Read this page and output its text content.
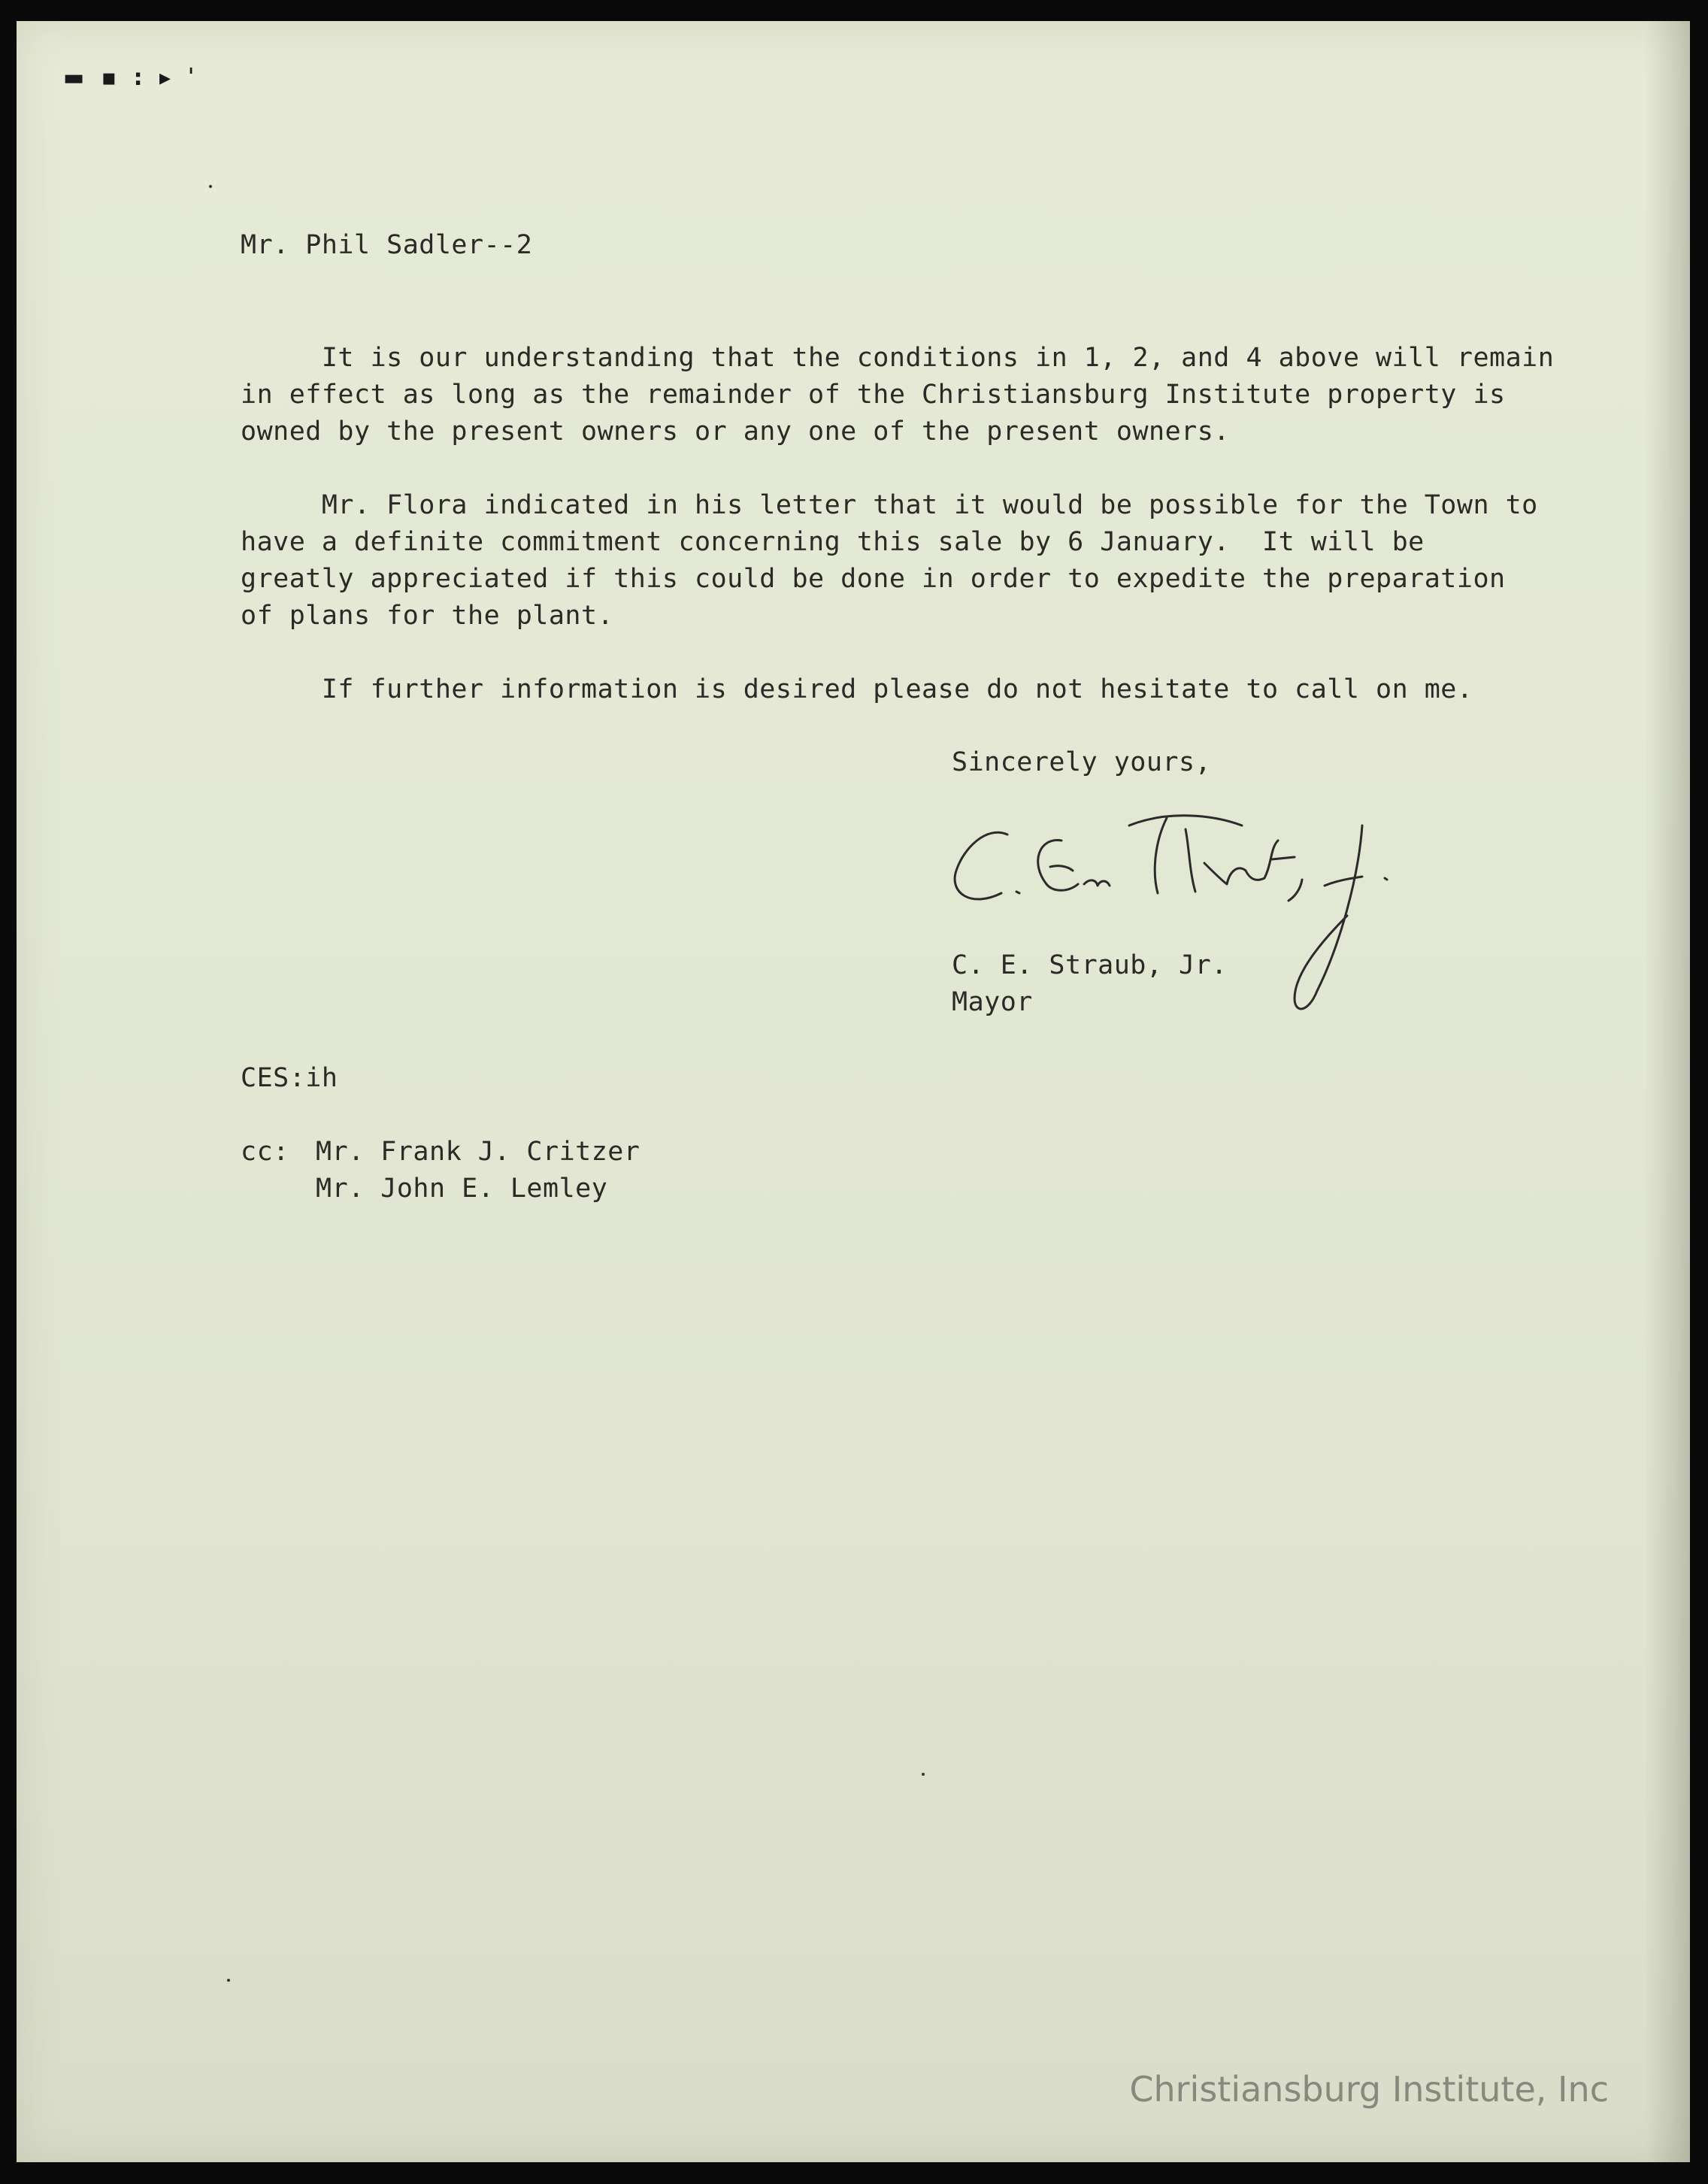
▬ ▪ : ▸ ˈ

Mr. Phil Sadler--2

It is our understanding that the conditions in 1, 2, and 4 above will remain

in effect as long as the remainder of the Christiansburg Institute property is

owned by the present owners or any one of the present owners.

Mr. Flora indicated in his letter that it would be possible for the Town to

have a definite commitment concerning this sale by 6 January.  It will be

greatly appreciated if this could be done in order to expedite the preparation

of plans for the plant.

If further information is desired please do not hesitate to call on me.

Sincerely yours,

C. E. Straub, Jr.

Mayor

CES:ih

cc: Mr. Frank J. Critzer

Mr. John E. Lemley

Christiansburg Institute, Inc
